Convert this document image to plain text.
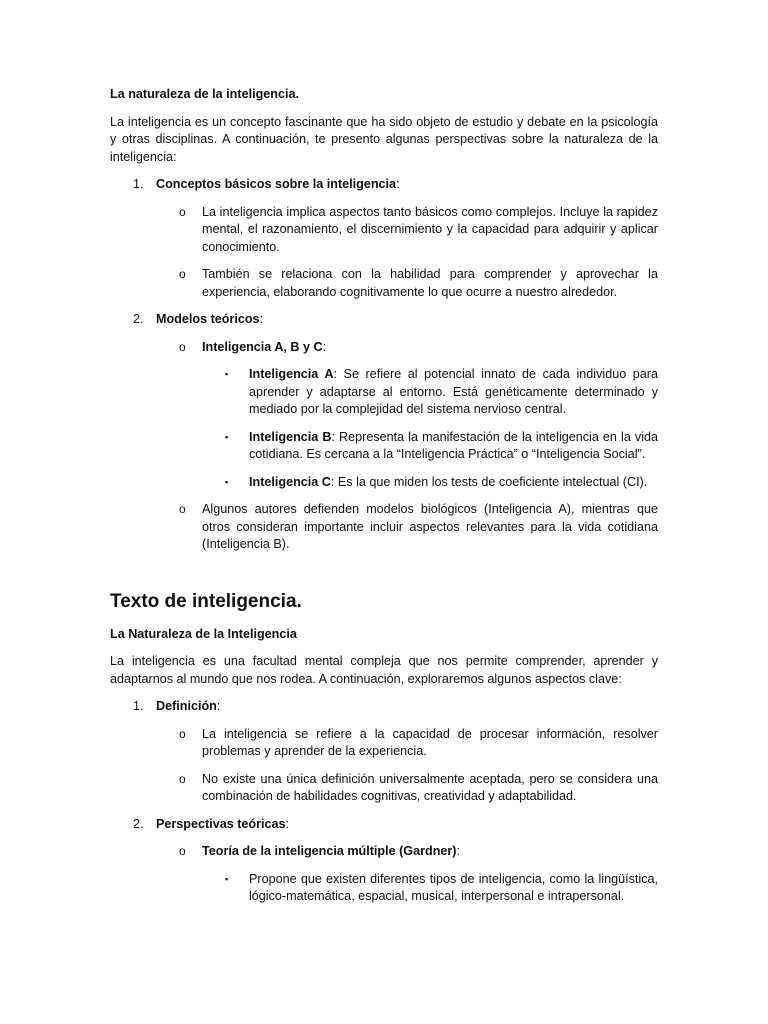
La naturaleza de la inteligencia.

La inteligencia es un concepto fascinante que ha sido objeto de estudio y debate en la psicología y otras disciplinas. A continuación, te presento algunas perspectivas sobre la naturaleza de la inteligencia:

1. Conceptos básicos sobre la inteligencia:
o La inteligencia implica aspectos tanto básicos como complejos. Incluye la rapidez mental, el razonamiento, el discernimiento y la capacidad para adquirir y aplicar conocimiento.
o También se relaciona con la habilidad para comprender y aprovechar la experiencia, elaborando cognitivamente lo que ocurre a nuestro alrededor.
2. Modelos teóricos:
o Inteligencia A, B y C:
▪ Inteligencia A: Se refiere al potencial innato de cada individuo para aprender y adaptarse al entorno. Está genéticamente determinado y mediado por la complejidad del sistema nervioso central.
▪ Inteligencia B: Representa la manifestación de la inteligencia en la vida cotidiana. Es cercana a la “Inteligencia Práctica” o “Inteligencia Social”.
▪ Inteligencia C: Es la que miden los tests de coeficiente intelectual (CI).
o Algunos autores defienden modelos biológicos (Inteligencia A), mientras que otros consideran importante incluir aspectos relevantes para la vida cotidiana (Inteligencia B).
Texto de inteligencia.
La Naturaleza de la Inteligencia

La inteligencia es una facultad mental compleja que nos permite comprender, aprender y adaptarnos al mundo que nos rodea. A continuación, exploraremos algunos aspectos clave:

1. Definición:
o La inteligencia se refiere a la capacidad de procesar información, resolver problemas y aprender de la experiencia.
o No existe una única definición universalmente aceptada, pero se considera una combinación de habilidades cognitivas, creatividad y adaptabilidad.
2. Perspectivas teóricas:
o Teoría de la inteligencia múltiple (Gardner):
▪ Propone que existen diferentes tipos de inteligencia, como la lingüística, lógico-matemática, espacial, musical, interpersonal e intrapersonal.
